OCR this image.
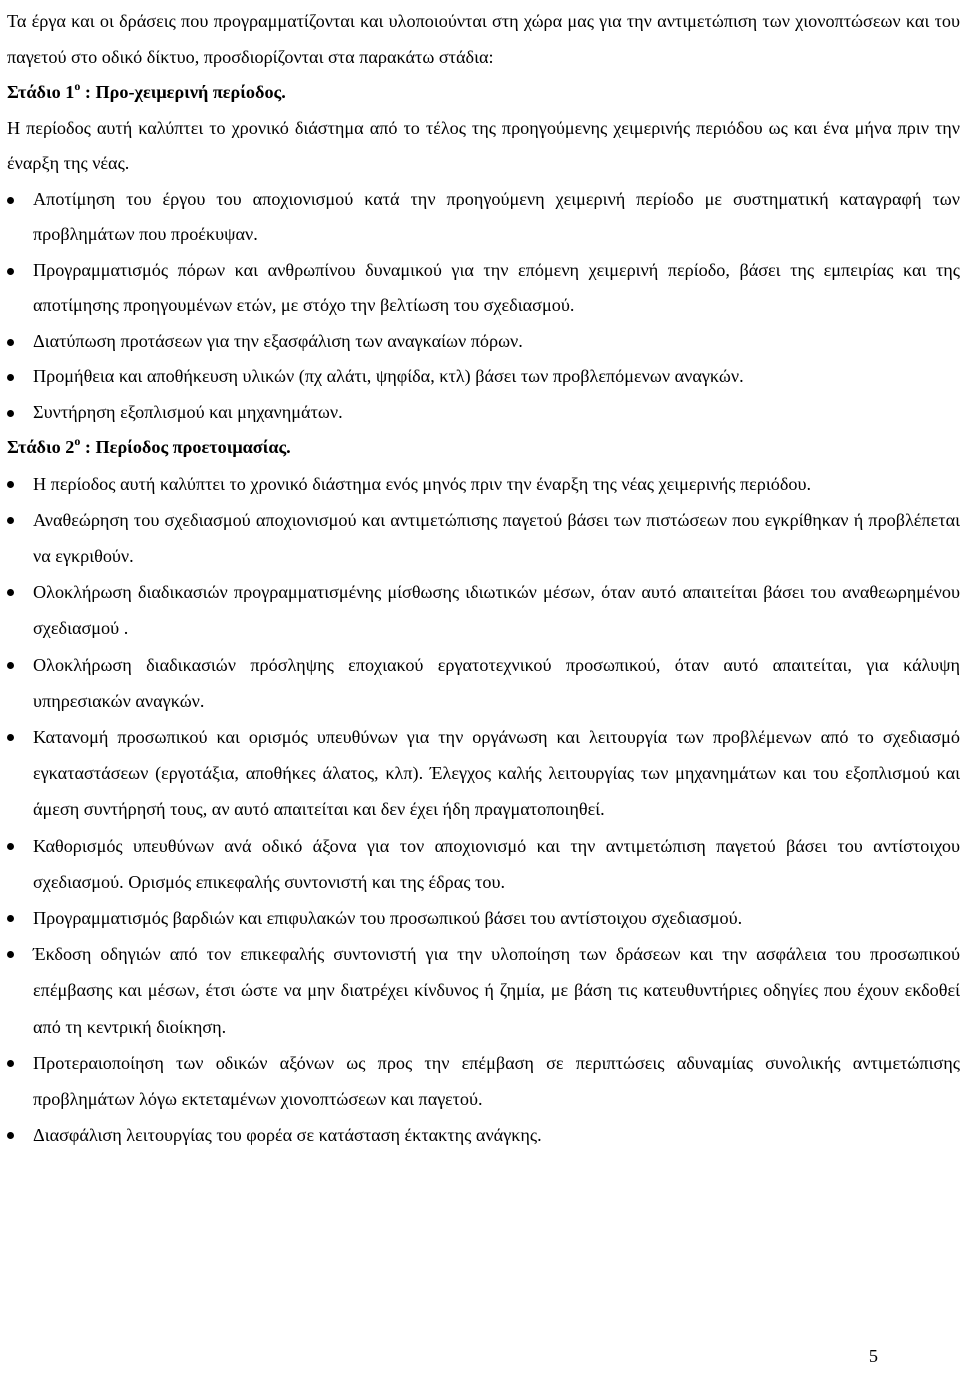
Τα έργα και οι δράσεις που προγραμματίζονται και υλοποιούνται στη χώρα μας για την αντιμετώπιση των χιονοπτώσεων και του παγετού στο οδικό δίκτυο, προσδιορίζονται στα παρακάτω στάδια:

Στάδιο $1^o$ : Προ-χειμερινή περίοδος.

Η περίοδος αυτή καλύπτει το χρονικό διάστημα από το τέλος της προηγούμενης χειμερινής περιόδου ως και ένα μήνα πριν την έναρξη της νέας.

Αποτίμηση του έργου του αποχιονισμού κατά την προηγούμενη χειμερινή περίοδο με συστηματική καταγραφή των προβλημάτων που προέκυψαν.
Προγραμματισμός πόρων και ανθρωπίνου δυναμικού για την επόμενη χειμερινή περίοδο, βάσει της εμπειρίας και της αποτίμησης προηγουμένων ετών, με στόχο την βελτίωση του σχεδιασμού.
Διατύπωση προτάσεων για την εξασφάλιση των αναγκαίων πόρων.
Προμήθεια και αποθήκευση υλικών (πχ αλάτι, ψηφίδα, κτλ) βάσει των προβλεπόμενων αναγκών.
Συντήρηση εξοπλισμού και μηχανημάτων.

Στάδιο $2^o$ : Περίοδος προετοιμασίας.

Η περίοδος αυτή καλύπτει το χρονικό διάστημα ενός μηνός πριν την έναρξη της νέας χειμερινής περιόδου.
Αναθεώρηση του σχεδιασμού αποχιονισμού και αντιμετώπισης παγετού βάσει των πιστώσεων που εγκρίθηκαν ή προβλέπεται να εγκριθούν.
Ολοκλήρωση διαδικασιών προγραμματισμένης μίσθωσης ιδιωτικών μέσων, όταν αυτό απαιτείται βάσει του αναθεωρημένου σχεδιασμού .
Ολοκλήρωση διαδικασιών πρόσληψης εποχιακού εργατοτεχνικού προσωπικού, όταν αυτό απαιτείται, για κάλυψη υπηρεσιακών αναγκών.
Κατανομή προσωπικού και ορισμός υπευθύνων για την οργάνωση και λειτουργία των προβλέμενων από το σχεδιασμό εγκαταστάσεων (εργοτάξια, αποθήκες άλατος, κλπ). Έλεγχος καλής λειτουργίας των μηχανημάτων και του εξοπλισμού και άμεση συντήρησή τους, αν αυτό απαιτείται και δεν έχει ήδη πραγματοποιηθεί.
Καθορισμός υπευθύνων ανά οδικό άξονα για τον αποχιονισμό και την αντιμετώπιση παγετού βάσει του αντίστοιχου σχεδιασμού. Ορισμός επικεφαλής συντονιστή και της έδρας του.
Προγραμματισμός βαρδιών και επιφυλακών του προσωπικού βάσει του αντίστοιχου σχεδιασμού.
Έκδοση οδηγιών από τον επικεφαλής συντονιστή για την υλοποίηση των δράσεων και την ασφάλεια του προσωπικού επέμβασης και μέσων, έτσι ώστε να μην διατρέχει κίνδυνος ή ζημία, με βάση τις κατευθυντήριες οδηγίες που έχουν εκδοθεί από τη κεντρική διοίκηση.
Προτεραιοποίηση των οδικών αξόνων ως προς την επέμβαση σε περιπτώσεις αδυναμίας συνολικής αντιμετώπισης προβλημάτων λόγω εκτεταμένων χιονοπτώσεων και παγετού.
Διασφάλιση λειτουργίας του φορέα σε κατάσταση έκτακτης ανάγκης.
5
